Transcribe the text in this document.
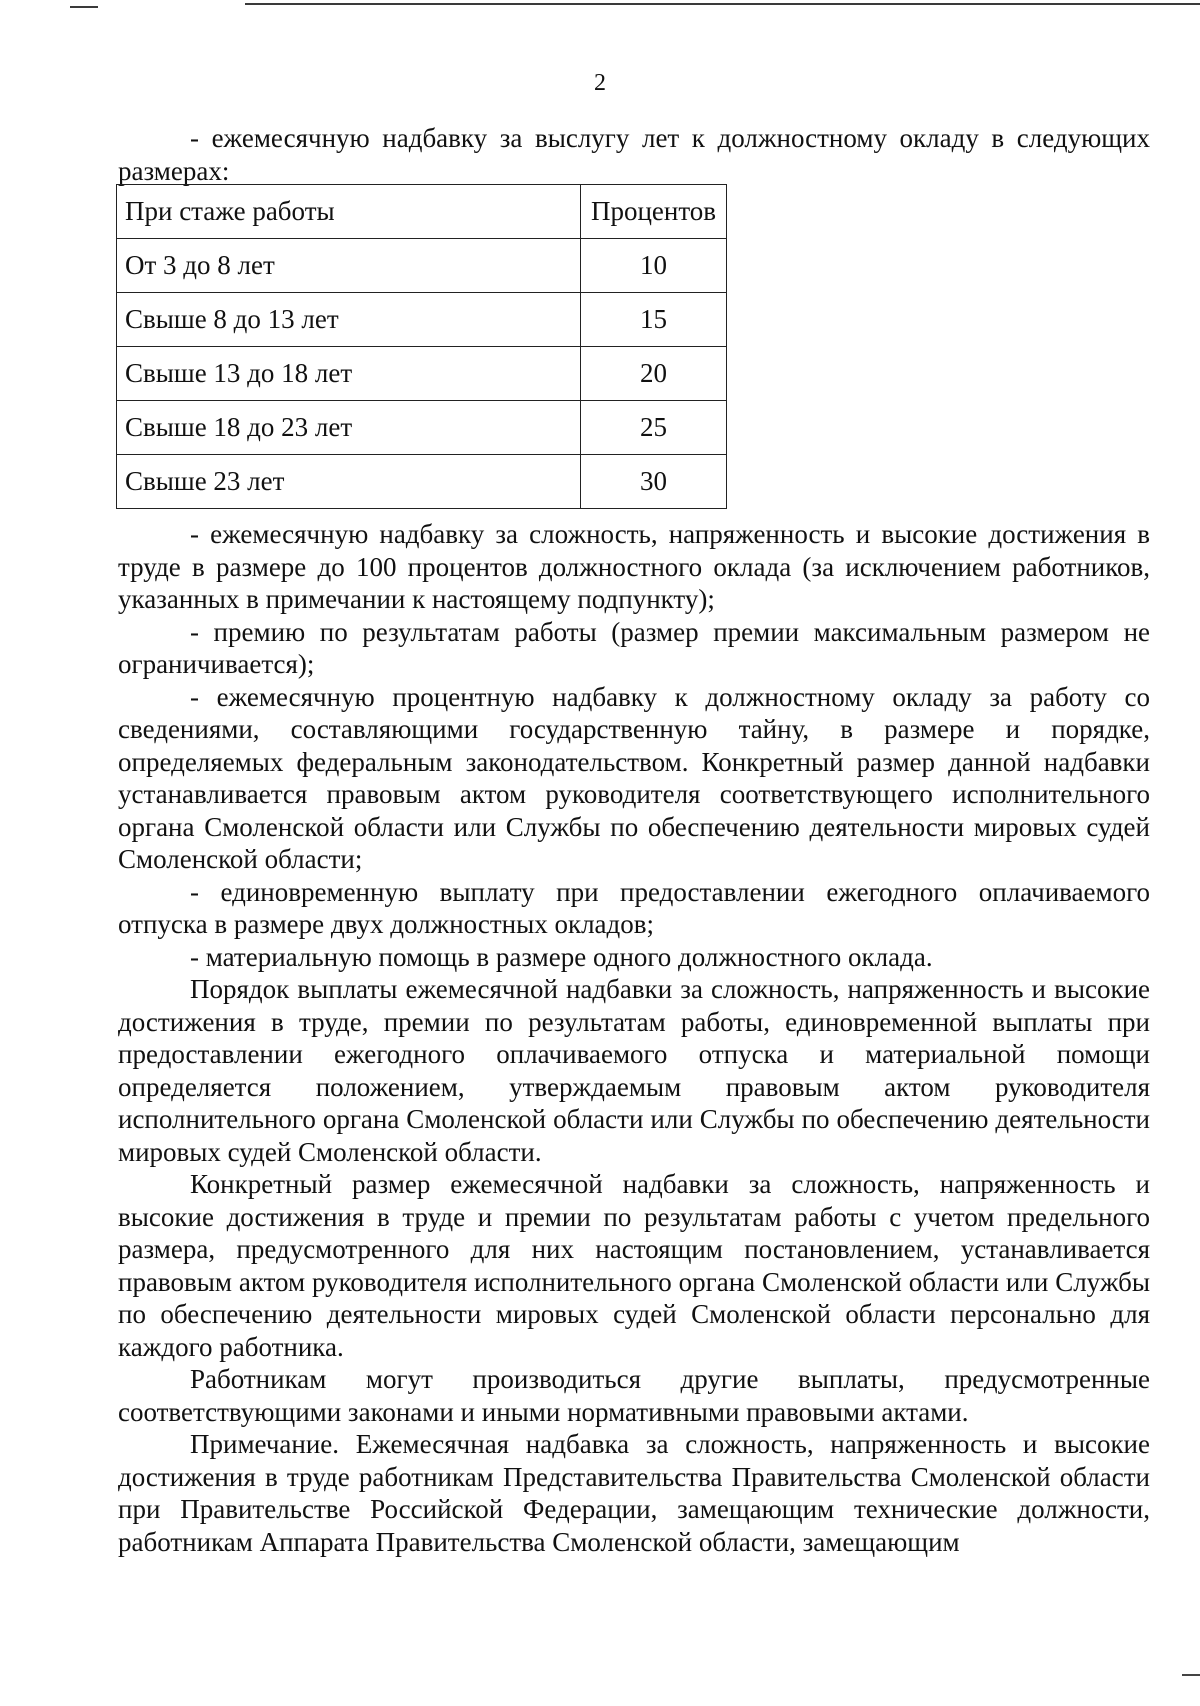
2

- ежемесячную надбавку за выслугу лет к должностному окладу в следующих размерах:

При стаже работы	Процентов
От 3 до 8 лет	10
Свыше 8 до 13 лет	15
Свыше 13 до 18 лет	20
Свыше 18 до 23 лет	25
Свыше 23 лет	30

- ежемесячную надбавку за сложность, напряженность и высокие достижения в труде в размере до 100 процентов должностного оклада (за исключением работников, указанных в примечании к настоящему подпункту);

- премию по результатам работы (размер премии максимальным размером не ограничивается);

- ежемесячную процентную надбавку к должностному окладу за работу со сведениями, составляющими государственную тайну, в размере и порядке, определяемых федеральным законодательством. Конкретный размер данной надбавки устанавливается правовым актом руководителя соответствующего исполнительного органа Смоленской области или Службы по обеспечению деятельности мировых судей Смоленской области;

- единовременную выплату при предоставлении ежегодного оплачиваемого отпуска в размере двух должностных окладов;

- материальную помощь в размере одного должностного оклада.

Порядок выплаты ежемесячной надбавки за сложность, напряженность и высокие достижения в труде, премии по результатам работы, единовременной выплаты при предоставлении ежегодного оплачиваемого отпуска и материальной помощи определяется положением, утверждаемым правовым актом руководителя исполнительного органа Смоленской области или Службы по обеспечению деятельности мировых судей Смоленской области.

Конкретный размер ежемесячной надбавки за сложность, напряженность и высокие достижения в труде и премии по результатам работы с учетом предельного размера, предусмотренного для них настоящим постановлением, устанавливается правовым актом руководителя исполнительного органа Смоленской области или Службы по обеспечению деятельности мировых судей Смоленской области персонально для каждого работника.

Работникам могут производиться другие выплаты, предусмотренные соответствующими законами и иными нормативными правовыми актами.

Примечание. Ежемесячная надбавка за сложность, напряженность и высокие достижения в труде работникам Представительства Правительства Смоленской области при Правительстве Российской Федерации, замещающим технические должности, работникам Аппарата Правительства Смоленской области, замещающим
